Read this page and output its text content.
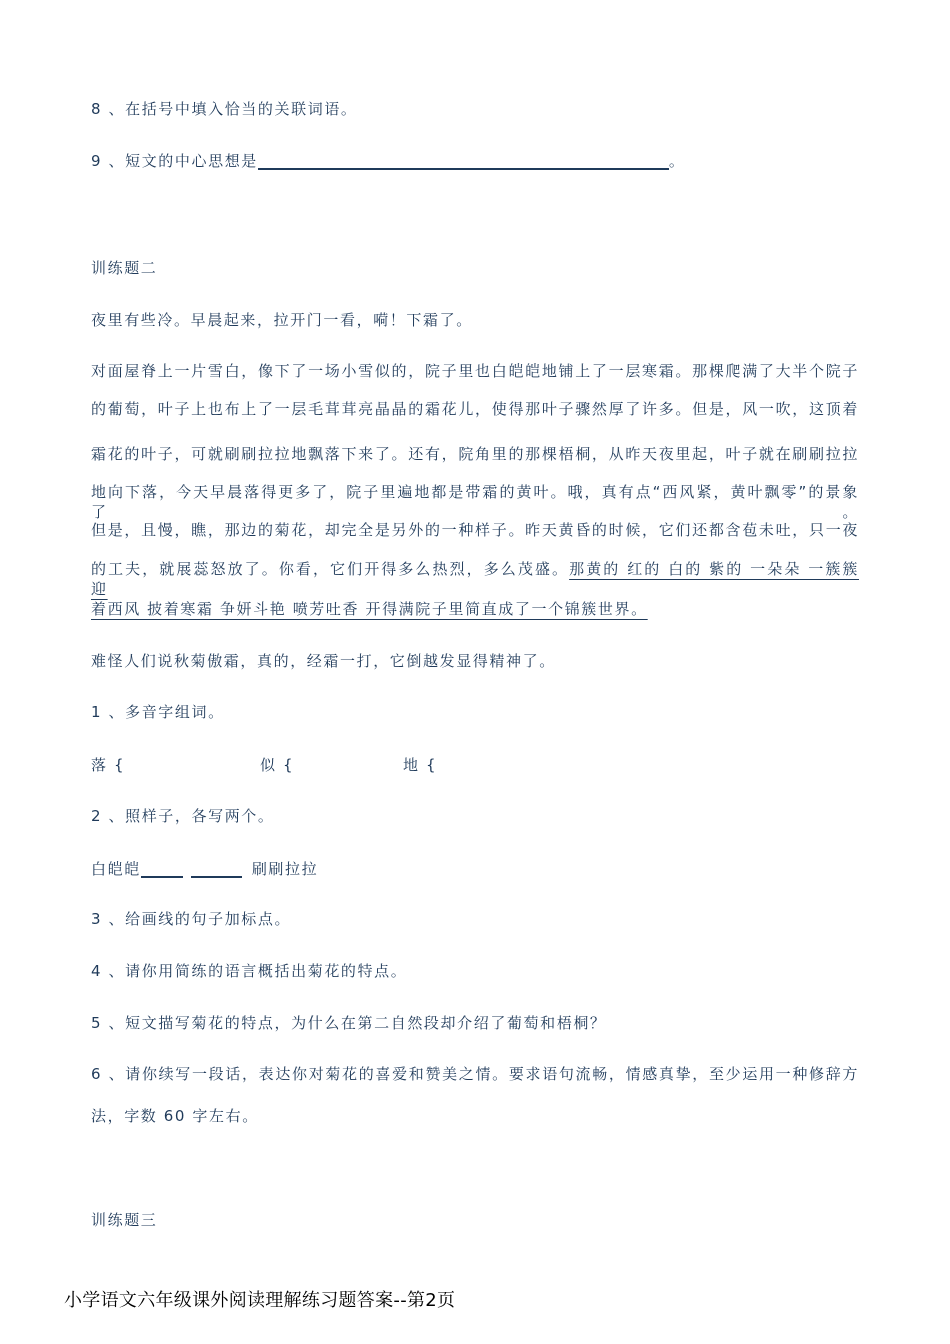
8 、在括号中填入恰当的关联词语。

9 、短文的中心思想是	。

训练题二

夜里有些冷。早晨起来，拉开门一看，嗬！下霜了。

对面屋脊上一片雪白，像下了一场小雪似的，院子里也白皑皑地铺上了一层寒霜。那棵爬满了大半个院子

的葡萄，叶子上也布上了一层毛茸茸亮晶晶的霜花儿，使得那叶子骤然厚了许多。但是，风一吹，这顶着

霜花的叶子，可就刷刷拉拉地飘落下来了。还有，院角里的那棵梧桐，从昨天夜里起，叶子就在刷刷拉拉

地向下落，今天早晨落得更多了，院子里遍地都是带霜的黄叶。哦，真有点“西风紧，黄叶飘零”的景象了。

但是，且慢，瞧，那边的菊花，却完全是另外的一种样子。昨天黄昏的时候，它们还都含苞未吐，只一夜

的工夫，就展蕊怒放了。你看，它们开得多么热烈，多么茂盛。那黄的 红的 白的 紫的 一朵朵 一簇簇 迎

着西风 披着寒霜 争妍斗艳 喷芳吐香 开得满院子里简直成了一个锦簇世界。

难怪人们说秋菊傲霜，真的，经霜一打，它倒越发显得精神了。

1 、多音字组词。

落 {	似 {	地 {

2 、照样子，各写两个。

白皑皑	刷刷拉拉

3 、给画线的句子加标点。

4 、请你用简练的语言概括出菊花的特点。

5 、短文描写菊花的特点，为什么在第二自然段却介绍了葡萄和梧桐？

6 、请你续写一段话，表达你对菊花的喜爱和赞美之情。要求语句流畅，情感真挚，至少运用一种修辞方

法，字数 60 字左右。

训练题三

小学语文六年级课外阅读理解练习题答案--第2页
